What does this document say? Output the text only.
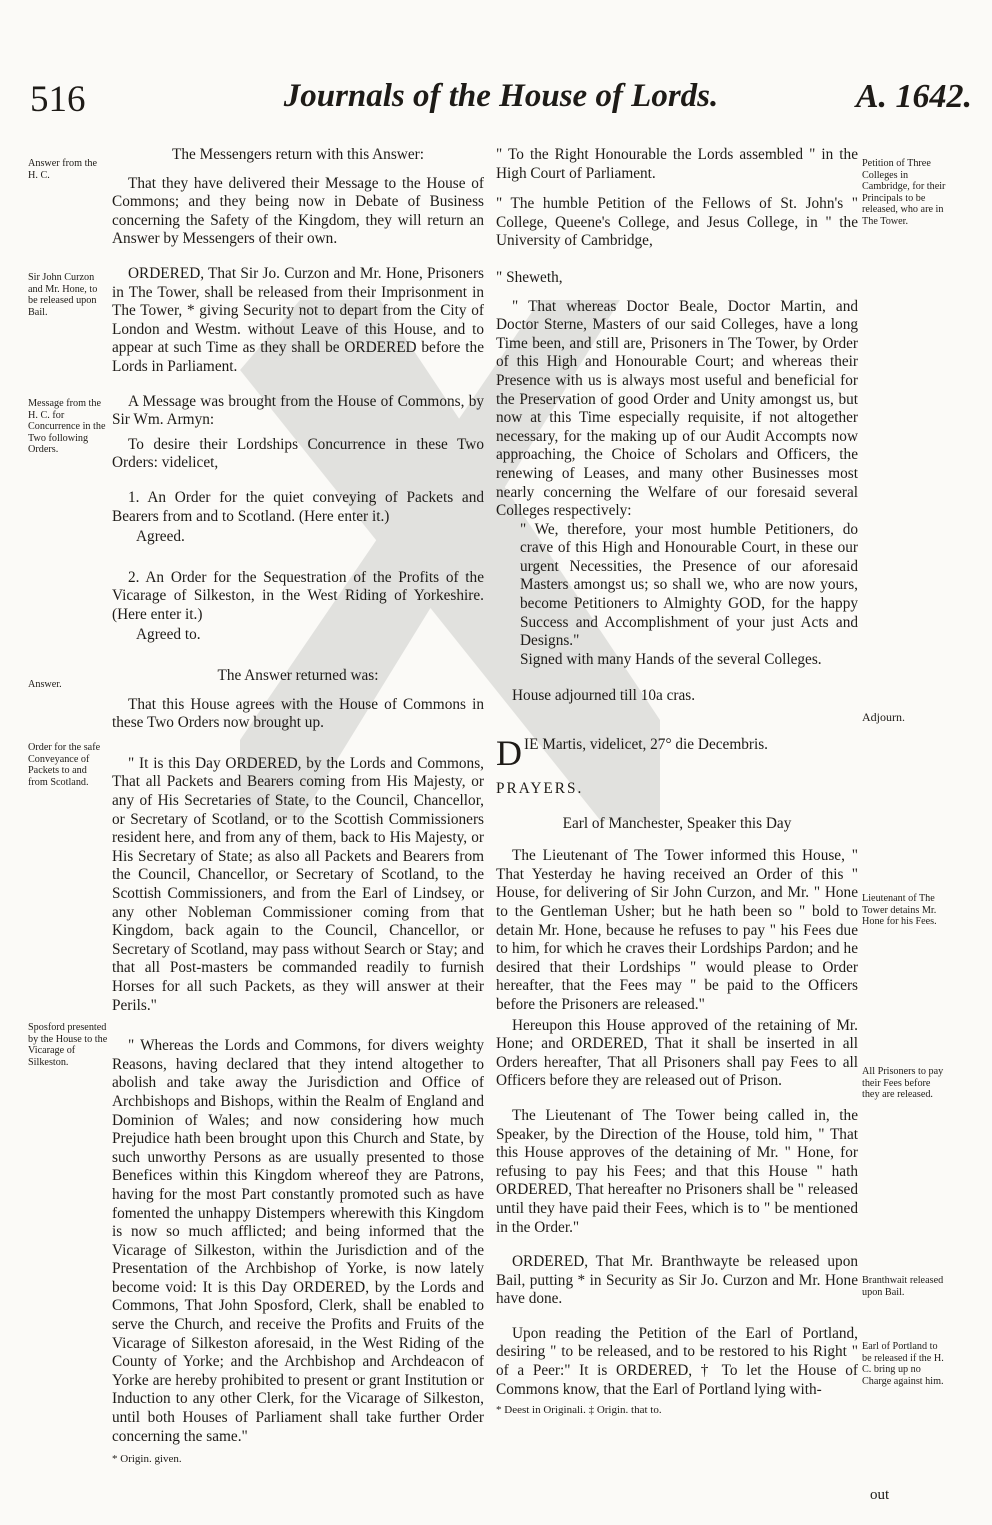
516	Journals of the House of Lords.	A. 1642.
Answer from the H. C.
Sir John Curzon and Mr. Hone, to be released upon Bail.
Message from the H. C. for Concurrence in the Two following Orders.
Answer.
Order for the safe Conveyance of Packets to and from Scotland.
Sposford presented by the House to the Vicarage of Silkeston.
Petition of Three Colleges in Cambridge, for their Principals to be released, who are in The Tower.
Adjourn.
Lieutenant of The Tower detains Mr. Hone for his Fees.
All Prisoners to pay their Fees before they are released.
Branthwait released upon Bail.
Earl of Portland to be released if the H. C. bring up no Charge against him.

The Messengers return with this Answer:

That they have delivered their Message to the House of Commons; and they being now in Debate of Business concerning the Safety of the Kingdom, they will return an Answer by Messengers of their own.

ORDERED, That Sir Jo. Curzon and Mr. Hone, Prisoners in The Tower, shall be released from their Imprisonment in The Tower, * giving Security not to depart from the City of London and Westm. without Leave of this House, and to appear at such Time as they shall be ORDERED before the Lords in Parliament.

A Message was brought from the House of Commons, by Sir Wm. Armyn:

To desire their Lordships Concurrence in these Two Orders: videlicet,

1. An Order for the quiet conveying of Packets and Bearers from and to Scotland. (Here enter it.)

Agreed.

2. An Order for the Sequestration of the Profits of the Vicarage of Silkeston, in the West Riding of Yorkeshire. (Here enter it.)

Agreed to.

The Answer returned was:

That this House agrees with the House of Commons in these Two Orders now brought up.

" It is this Day ORDERED, by the Lords and Commons, That all Packets and Bearers coming from His Majesty, or any of His Secretaries of State, to the Council, Chancellor, or Secretary of Scotland, or to the Scottish Commissioners resident here, and from any of them, back to His Majesty, or His Secretary of State; as also all Packets and Bearers from the Council, Chancellor, or Secretary of Scotland, to the Scottish Commissioners, and from the Earl of Lindsey, or any other Nobleman Commissioner coming from that Kingdom, back again to the Council, Chancellor, or Secretary of Scotland, may pass without Search or Stay; and that all Post-masters be commanded readily to furnish Horses for all such Packets, as they will answer at their Perils."

" Whereas the Lords and Commons, for divers weighty Reasons, having declared that they intend altogether to abolish and take away the Jurisdiction and Office of Archbishops and Bishops, within the Realm of England and Dominion of Wales; and now considering how much Prejudice hath been brought upon this Church and State, by such unworthy Persons as are usually presented to those Benefices within this Kingdom whereof they are Patrons, having for the most Part constantly promoted such as have fomented the unhappy Distempers wherewith this Kingdom is now so much afflicted; and being informed that the Vicarage of Silkeston, within the Jurisdiction and of the Presentation of the Archbishop of Yorke, is now lately become void: It is this Day ORDERED, by the Lords and Commons, That John Sposford, Clerk, shall be enabled to serve the Church, and receive the Profits and Fruits of the Vicarage of Silkeston aforesaid, in the West Riding of the County of Yorke; and the Archbishop and Archdeacon of Yorke are hereby prohibited to present or grant Institution or Induction to any other Clerk, for the Vicarage of Silkeston, until both Houses of Parliament shall take further Order concerning the same."

* Origin. given.

" To the Right Honourable the Lords assembled " in the High Court of Parliament.

" The humble Petition of the Fellows of St. John's " College, Queene's College, and Jesus College, in " the University of Cambridge,

" Sheweth,

" That whereas Doctor Beale, Doctor Martin, and Doctor Sterne, Masters of our said Colleges, have a long Time been, and still are, Prisoners in The Tower, by Order of this High and Honourable Court; and whereas their Presence with us is always most useful and beneficial for the Preservation of good Order and Unity amongst us, but now at this Time especially requisite, if not altogether necessary, for the making up of our Audit Accompts now approaching, the Choice of Scholars and Officers, the renewing of Leases, and many other Businesses most nearly concerning the Welfare of our foresaid several Colleges respectively:

" We, therefore, your most humble Petitioners, do crave of this High and Honourable Court, in these our urgent Necessities, the Presence of our aforesaid Masters amongst us; so shall we, who are now yours, become Petitioners to Almighty GOD, for the happy Success and Accomplishment of your just Acts and Designs."

Signed with many Hands of the several Colleges.

House adjourned till 10a cras.

D IE Martis, videlicet, 27° die Decembris.

PRAYERS.

Earl of Manchester, Speaker this Day

The Lieutenant of The Tower informed this House, " That Yesterday he having received an Order of this " House, for delivering of Sir John Curzon, and Mr. " Hone to the Gentleman Usher; but he hath been so " bold to detain Mr. Hone, because he refuses to pay " his Fees due to him, for which he craves their Lordships Pardon; and he desired that their Lordships " would please to Order hereafter, that the Fees may " be paid to the Officers before the Prisoners are released."

Hereupon this House approved of the retaining of Mr. Hone; and ORDERED, That it shall be inserted in all Orders hereafter, That all Prisoners shall pay Fees to all Officers before they are released out of Prison.

The Lieutenant of The Tower being called in, the Speaker, by the Direction of the House, told him, " That this House approves of the detaining of Mr. " Hone, for refusing to pay his Fees; and that this House " hath ORDERED, That hereafter no Prisoners shall be " released until they have paid their Fees, which is to " be mentioned in the Order."

ORDERED, That Mr. Branthwayte be released upon Bail, putting * in Security as Sir Jo. Curzon and Mr. Hone have done.

Upon reading the Petition of the Earl of Portland, desiring " to be released, and to be restored to his Right " of a Peer:" It is ORDERED, † To let the House of Commons know, that the Earl of Portland lying with-

* Deest in Originali. ‡ Origin. that to.

out
